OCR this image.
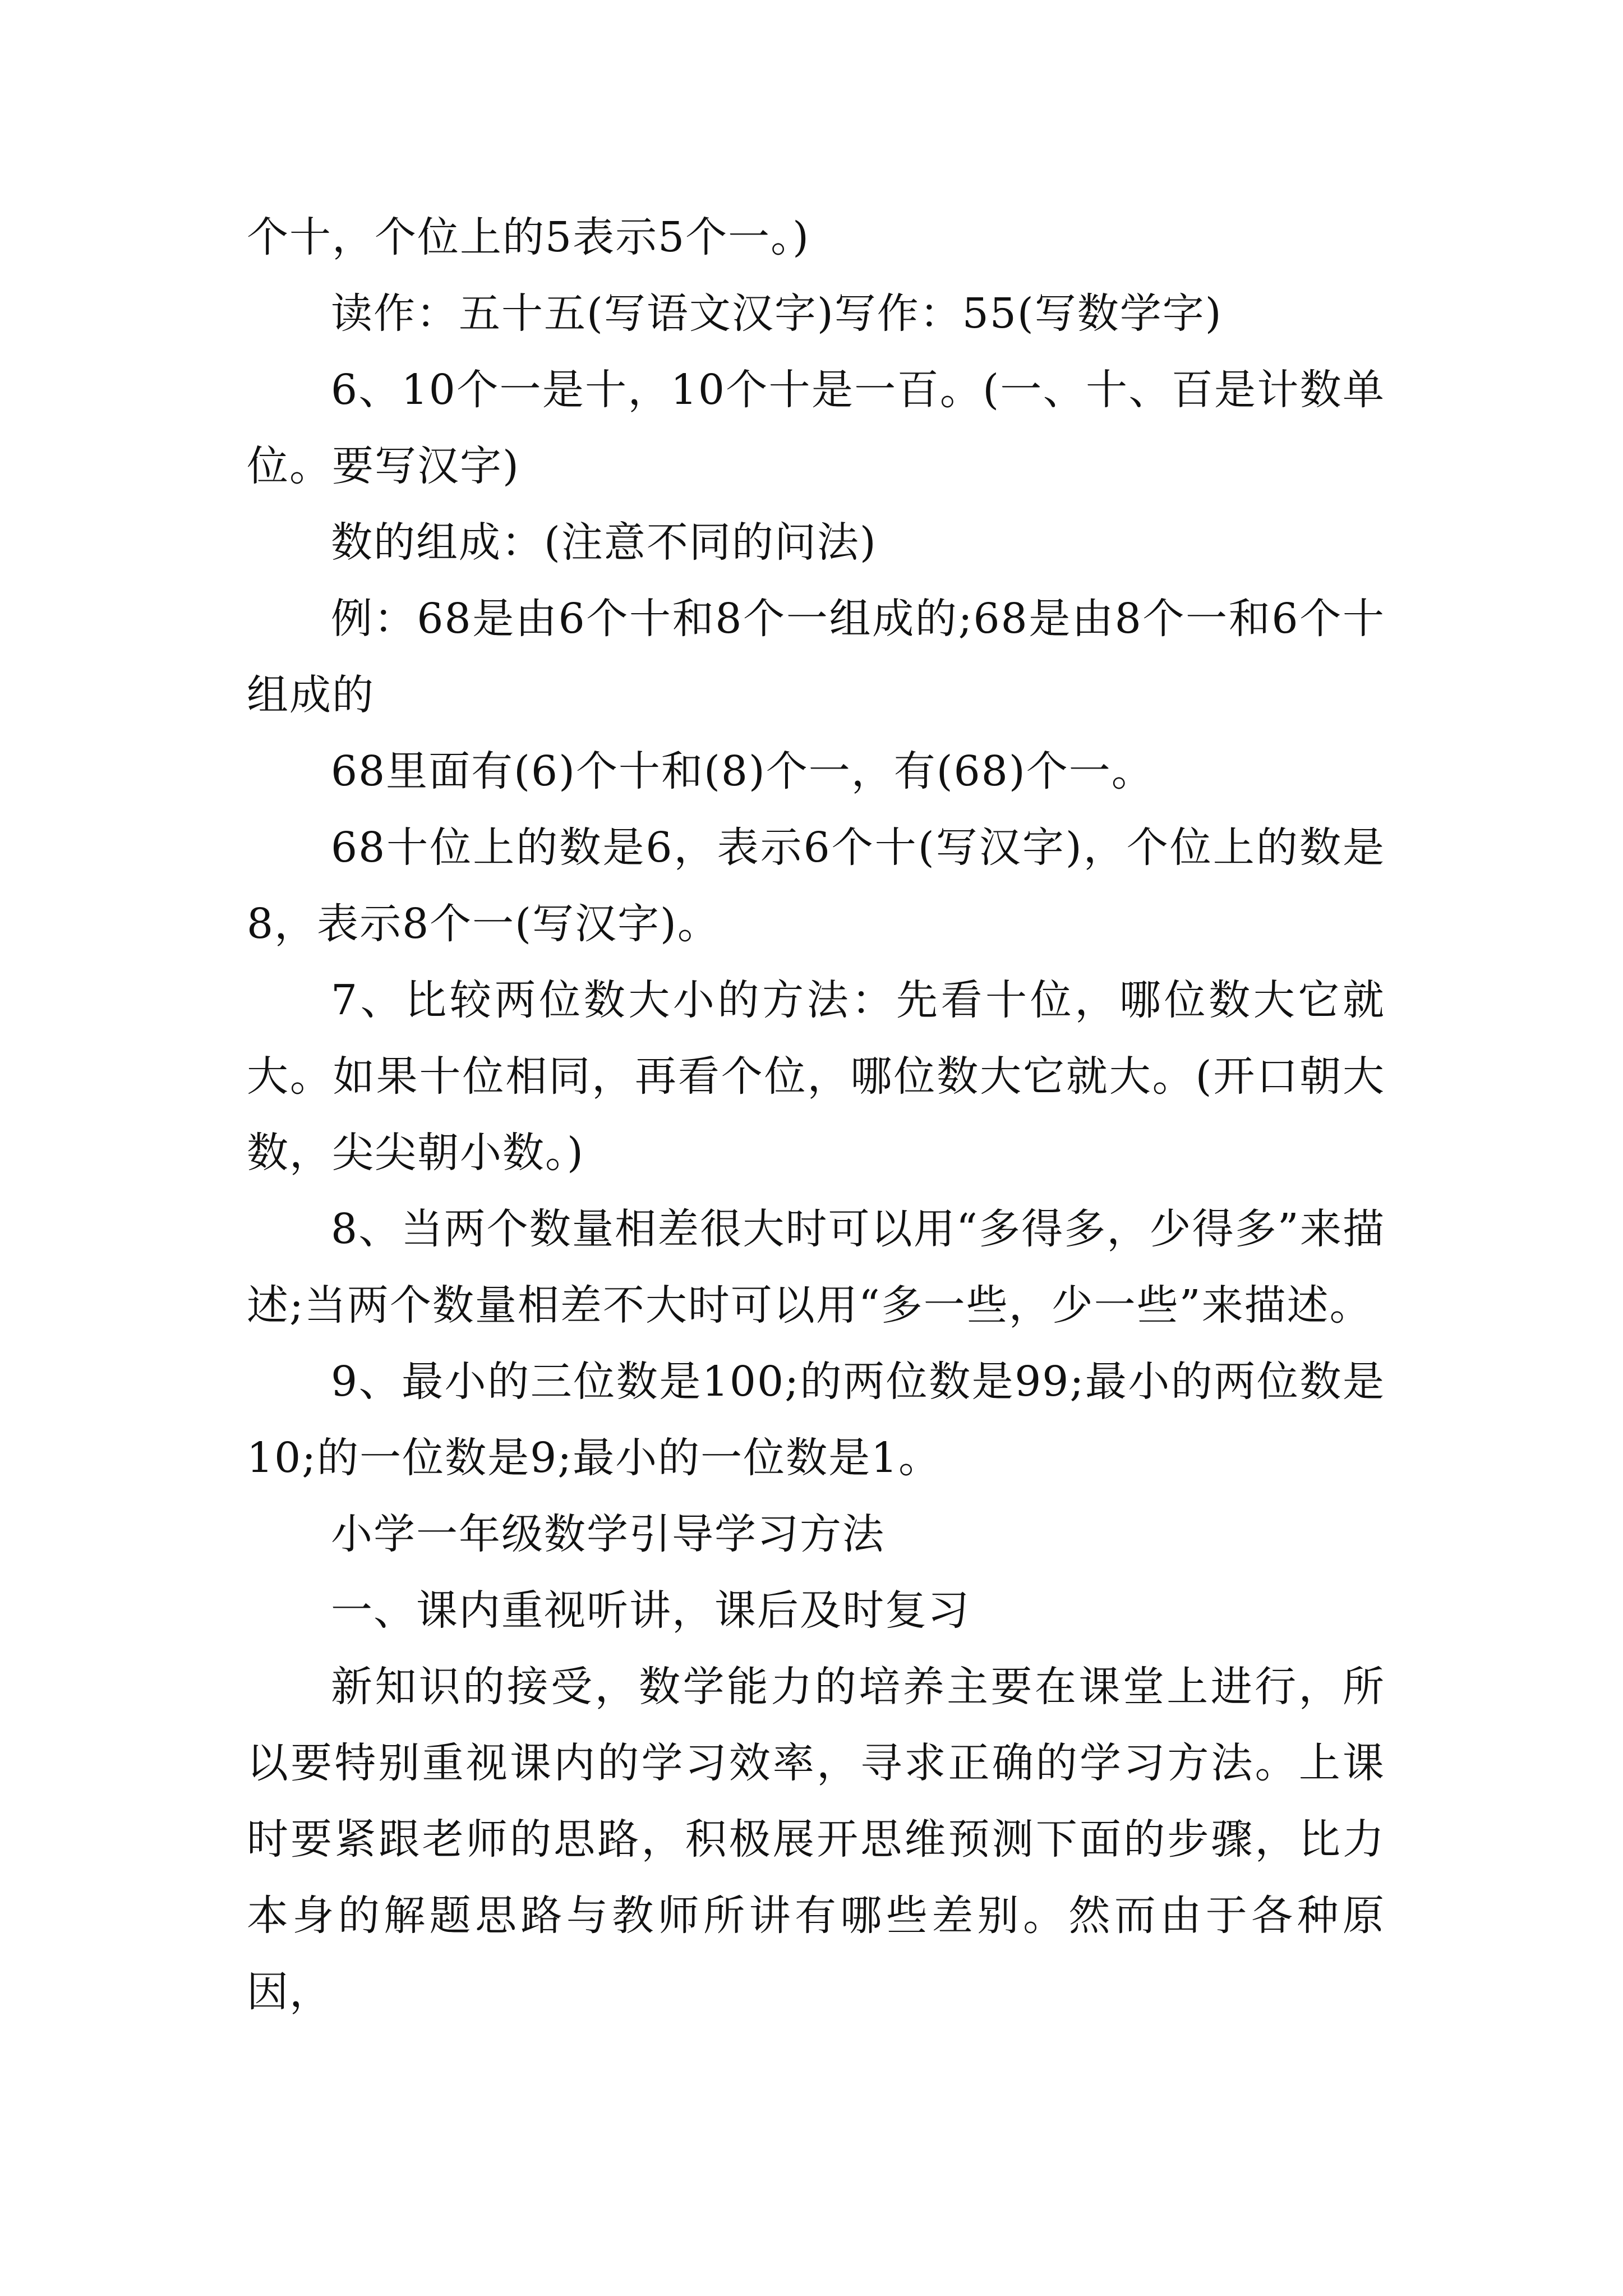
个十，个位上的5表示5个一。)

读作：五十五(写语文汉字)写作：55(写数学字)

6、10个一是十，10个十是一百。(一、十、百是计数单位。要写汉字)

数的组成：(注意不同的问法)

例：68是由6个十和8个一组成的;68是由8个一和6个十组成的

68里面有(6)个十和(8)个一，有(68)个一。

68十位上的数是6，表示6个十(写汉字)，个位上的数是8，表示8个一(写汉字)。

7、比较两位数大小的方法：先看十位，哪位数大它就大。如果十位相同，再看个位，哪位数大它就大。(开口朝大数，尖尖朝小数。)

8、当两个数量相差很大时可以用“多得多，少得多”来描述;当两个数量相差不大时可以用“多一些，少一些”来描述。

9、最小的三位数是100;的两位数是99;最小的两位数是10;的一位数是9;最小的一位数是1。

小学一年级数学引导学习方法

一、课内重视听讲，课后及时复习

新知识的接受，数学能力的培养主要在课堂上进行，所以要特别重视课内的学习效率，寻求正确的学习方法。上课时要紧跟老师的思路，积极展开思维预测下面的步骤，比力本身的解题思路与教师所讲有哪些差别。然而由于各种原因，
